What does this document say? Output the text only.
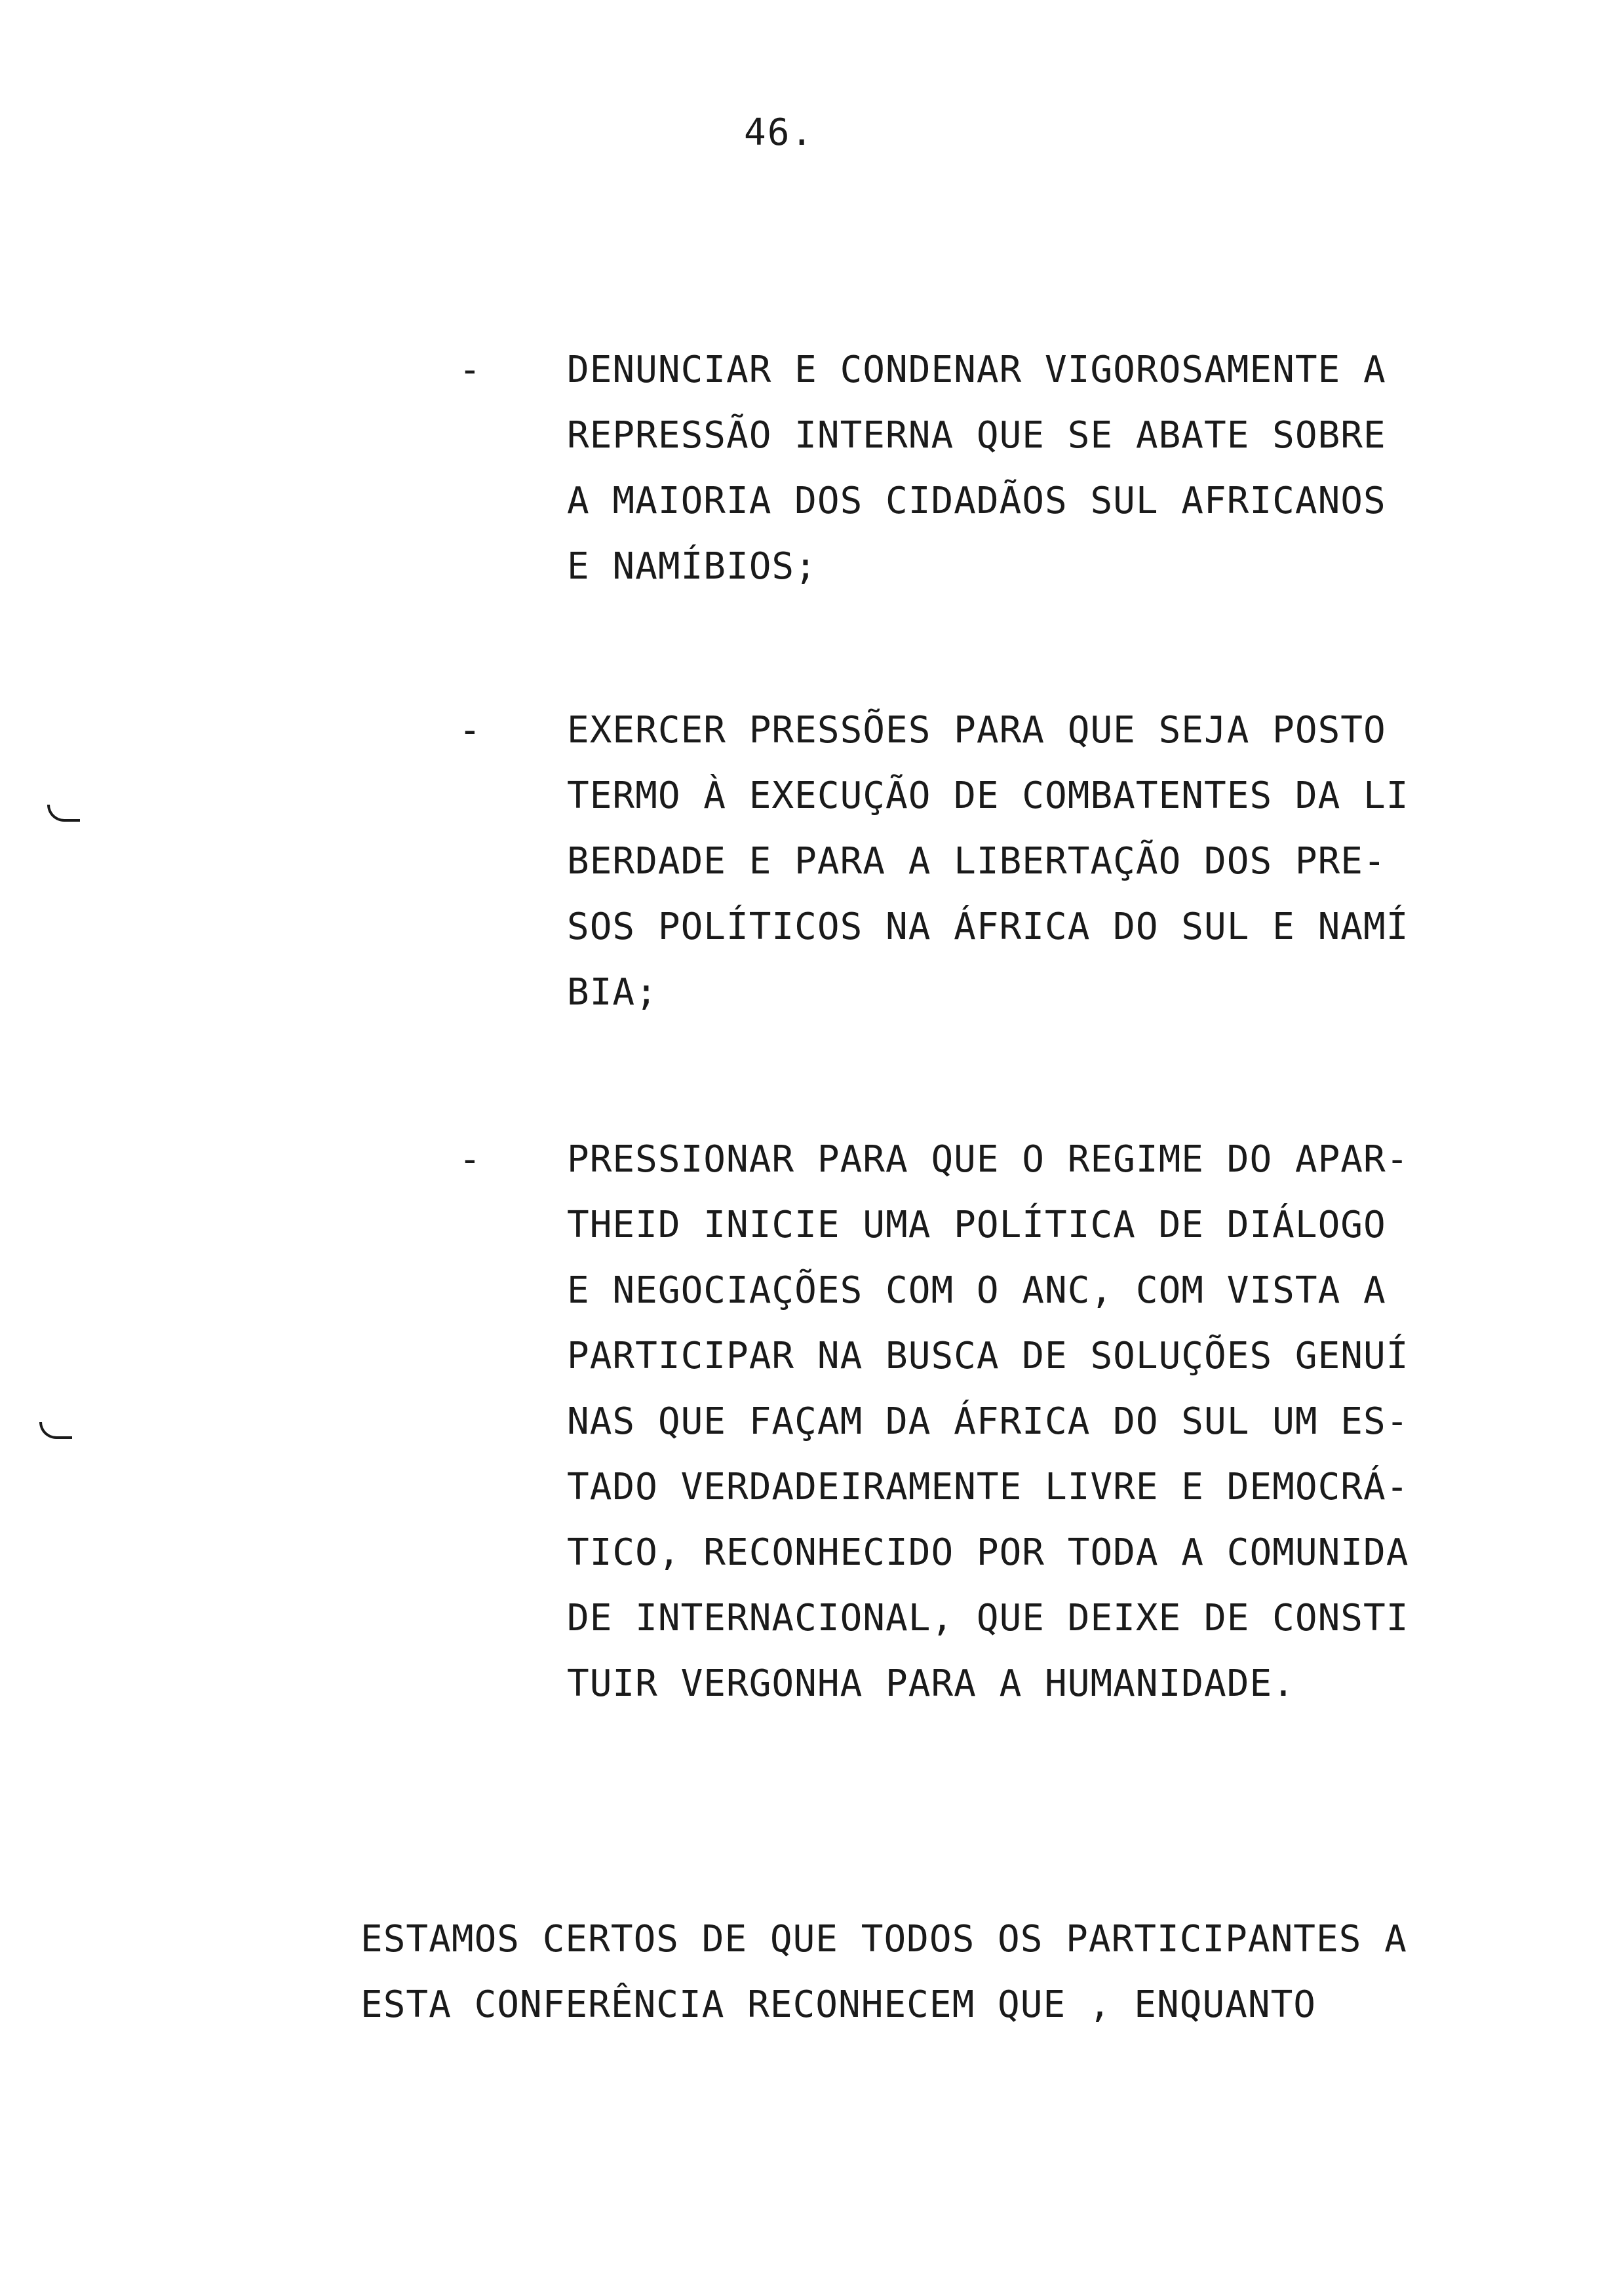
46.
- DENUNCIAR E CONDENAR VIGOROSAMENTE A
REPRESSÃO INTERNA QUE SE ABATE SOBRE
A MAIORIA DOS CIDADÃOS SUL AFRICANOS
E NAMÍBIOS;
- EXERCER PRESSÕES PARA QUE SEJA POSTO
TERMO À EXECUÇÃO DE COMBATENTES DA LI
BERDADE E PARA A LIBERTAÇÃO DOS PRE-
SOS POLÍTICOS NA ÁFRICA DO SUL E NAMÍ
BIA;
- PRESSIONAR PARA QUE O REGIME DO APAR-
THEID INICIE UMA POLÍTICA DE DIÁLOGO
E NEGOCIAÇÕES COM O ANC, COM VISTA A
PARTICIPAR NA BUSCA DE SOLUÇÕES GENUÍ
NAS QUE FAÇAM DA ÁFRICA DO SUL UM ES-
TADO VERDADEIRAMENTE LIVRE E DEMOCRÁ-
TICO, RECONHECIDO POR TODA A COMUNIDA
DE INTERNACIONAL, QUE DEIXE DE CONSTI
TUIR VERGONHA PARA A HUMANIDADE.
ESTAMOS CERTOS DE QUE TODOS OS PARTICIPANTES A
ESTA CONFERÊNCIA RECONHECEM QUE , ENQUANTO
